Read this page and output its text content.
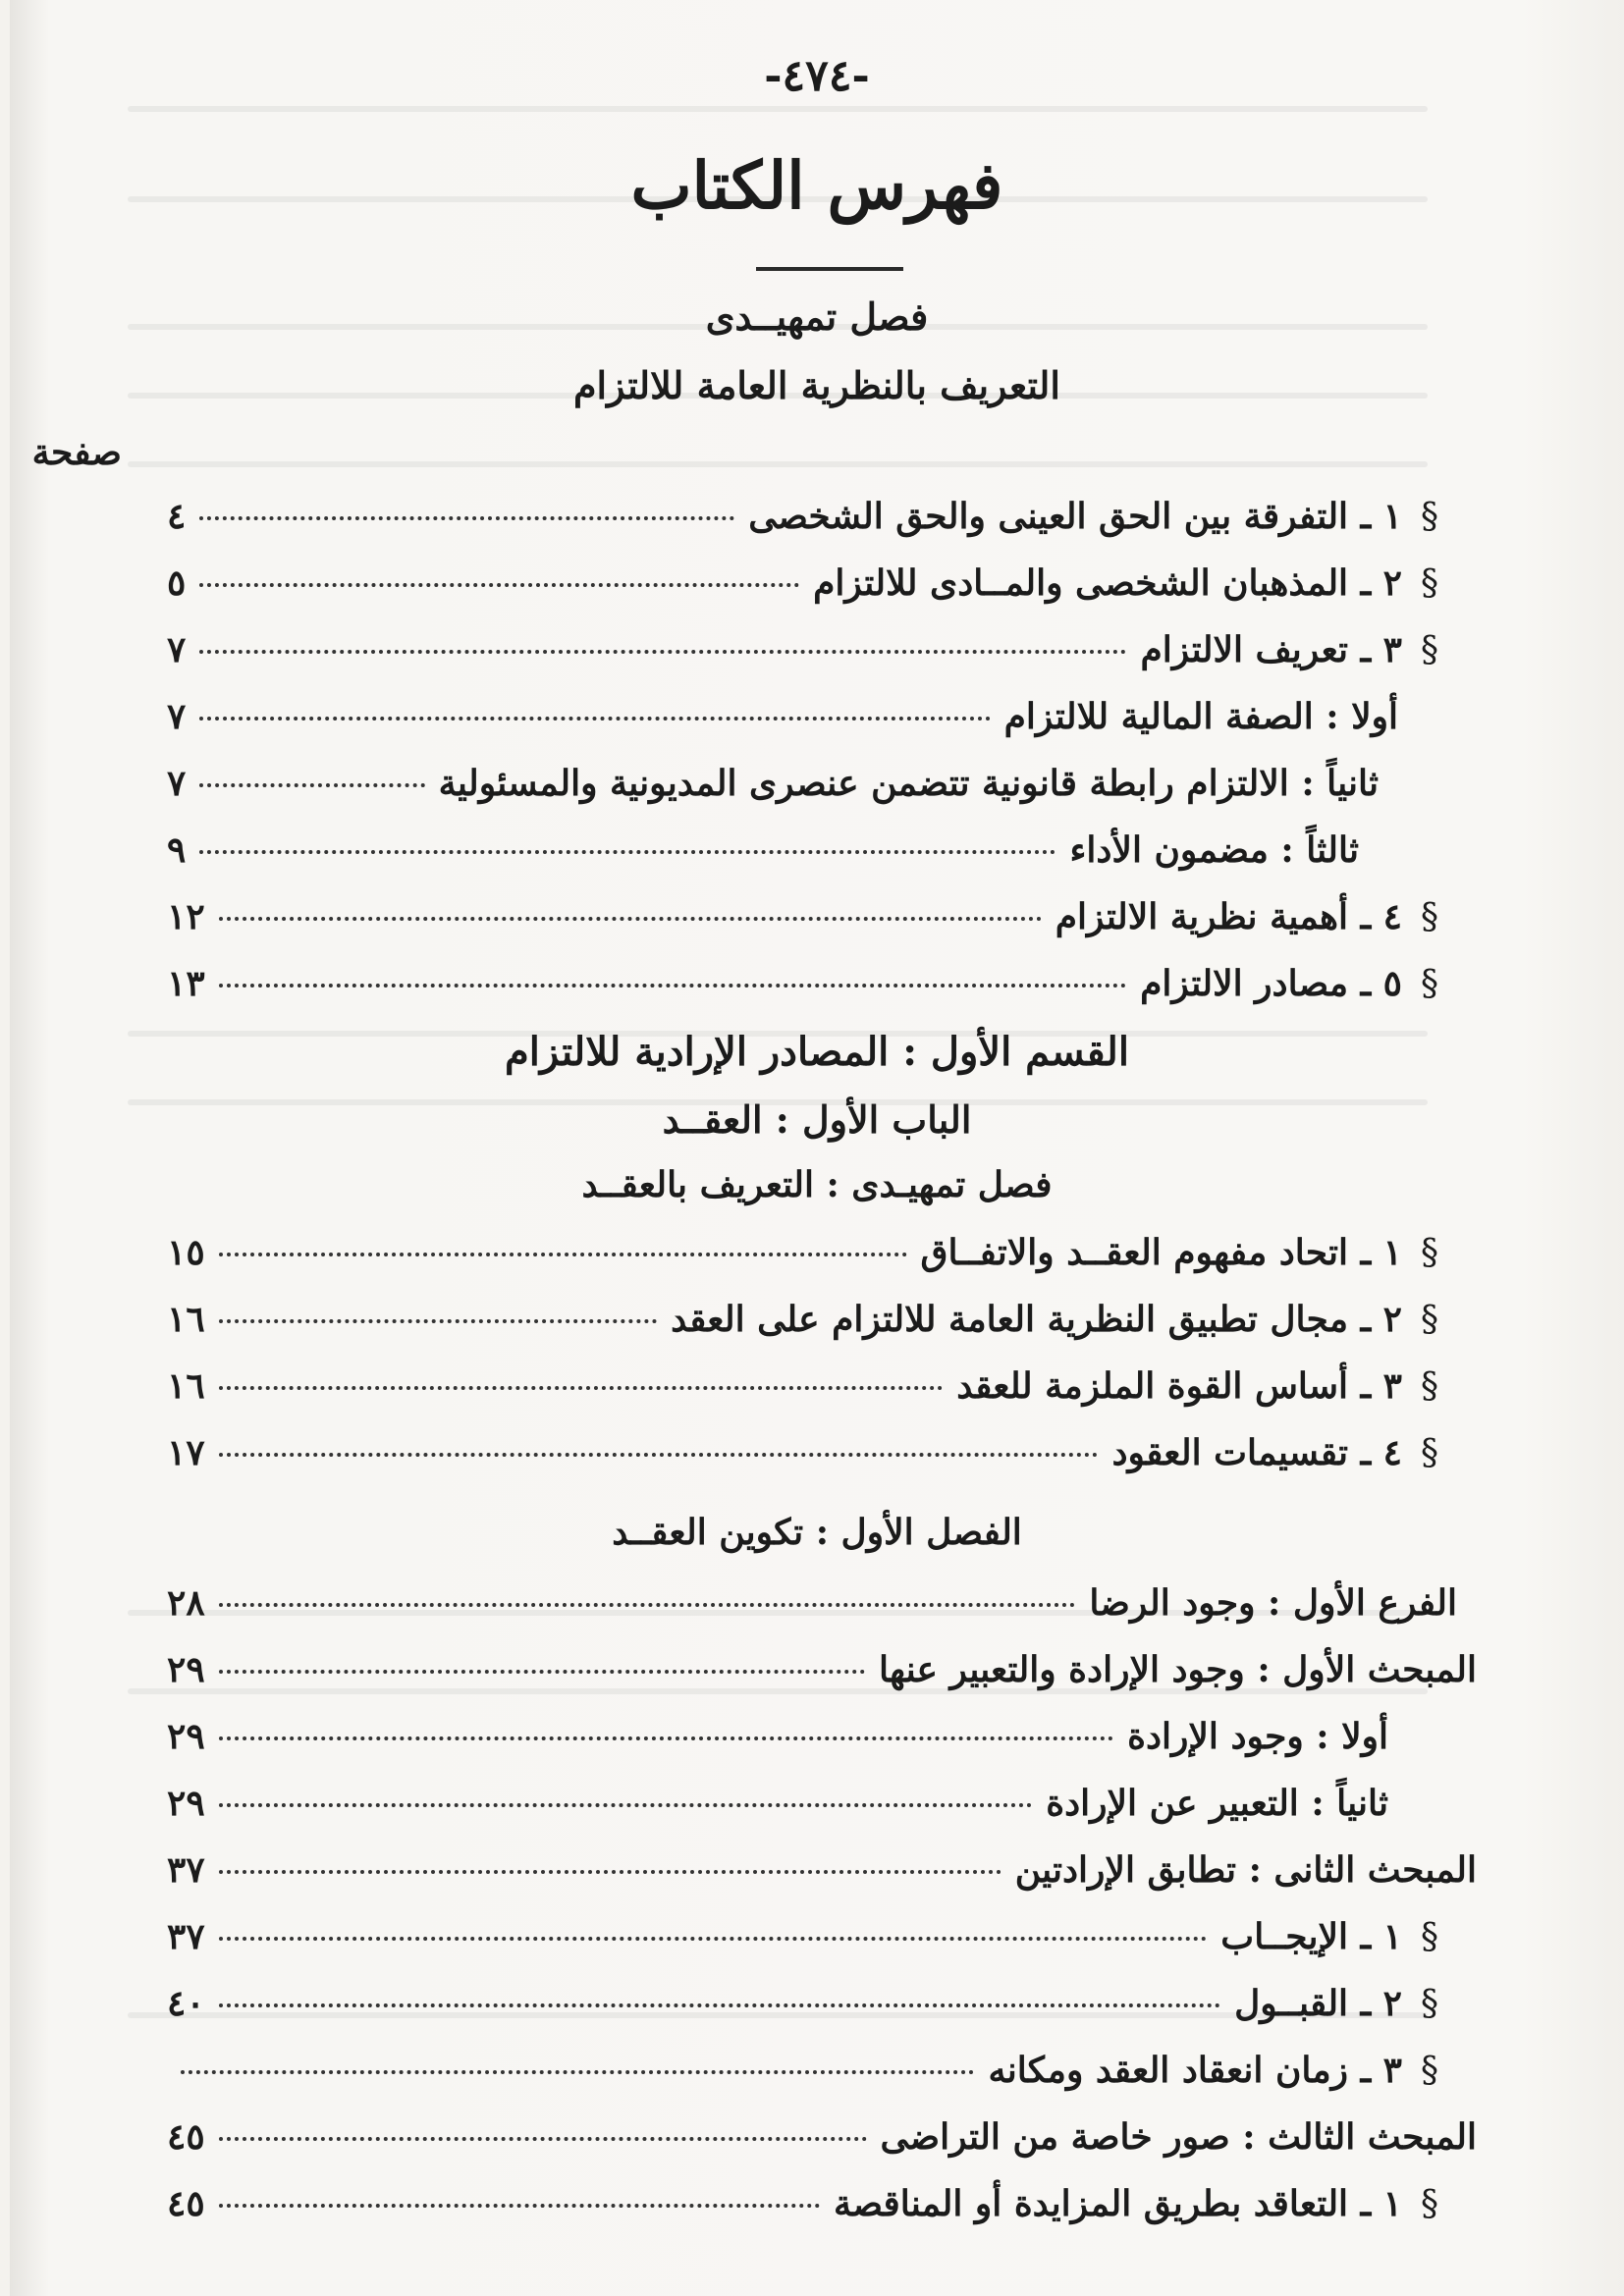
-٤٧٤-
فهرس الكتاب
فصل تمهيــدى
التعريف بالنظرية العامة للالتزام
صفحة
§
١ ـ التفرقة بين الحق العينى والحق الشخصى
٤
§
٢ ـ المذهبان الشخصى والمــادى للالتزام
٥
§
٣ ـ تعريف الالتزام
٧
أولا : الصفة المالية للالتزام
٧
ثانياً : الالتزام رابطة قانونية تتضمن عنصرى المديونية والمسئولية
٧
ثالثاً : مضمون الأداء
٩
§
٤ ـ أهمية نظرية الالتزام
١٢
§
٥ ـ مصادر الالتزام
١٣
القسم الأول : المصادر الإرادية للالتزام
الباب الأول : العقــد
فصل تمهيـدى : التعريف بالعقــد
§
١ ـ اتحاد مفهوم العقــد والاتفــاق
١٥
§
٢ ـ مجال تطبيق النظرية العامة للالتزام على العقد
١٦
§
٣ ـ أساس القوة الملزمة للعقد
١٦
§
٤ ـ تقسيمات العقود
١٧
الفصل الأول : تكوين العقــد
الفرع الأول : وجود الرضا
٢٨
المبحث الأول : وجود الإرادة والتعبير عنها
٢٩
أولا : وجود الإرادة
٢٩
ثانياً : التعبير عن الإرادة
٢٩
المبحث الثانى : تطابق الإرادتين
٣٧
§
١ ـ الإيجــاب
٣٧
§
٢ ـ القبــول
٤٠
§
٣ ـ زمان انعقاد العقد ومكانه
المبحث الثالث : صور خاصة من التراضى
٤٥
§
١ ـ التعاقد بطريق المزايدة أو المناقصة
٤٥
